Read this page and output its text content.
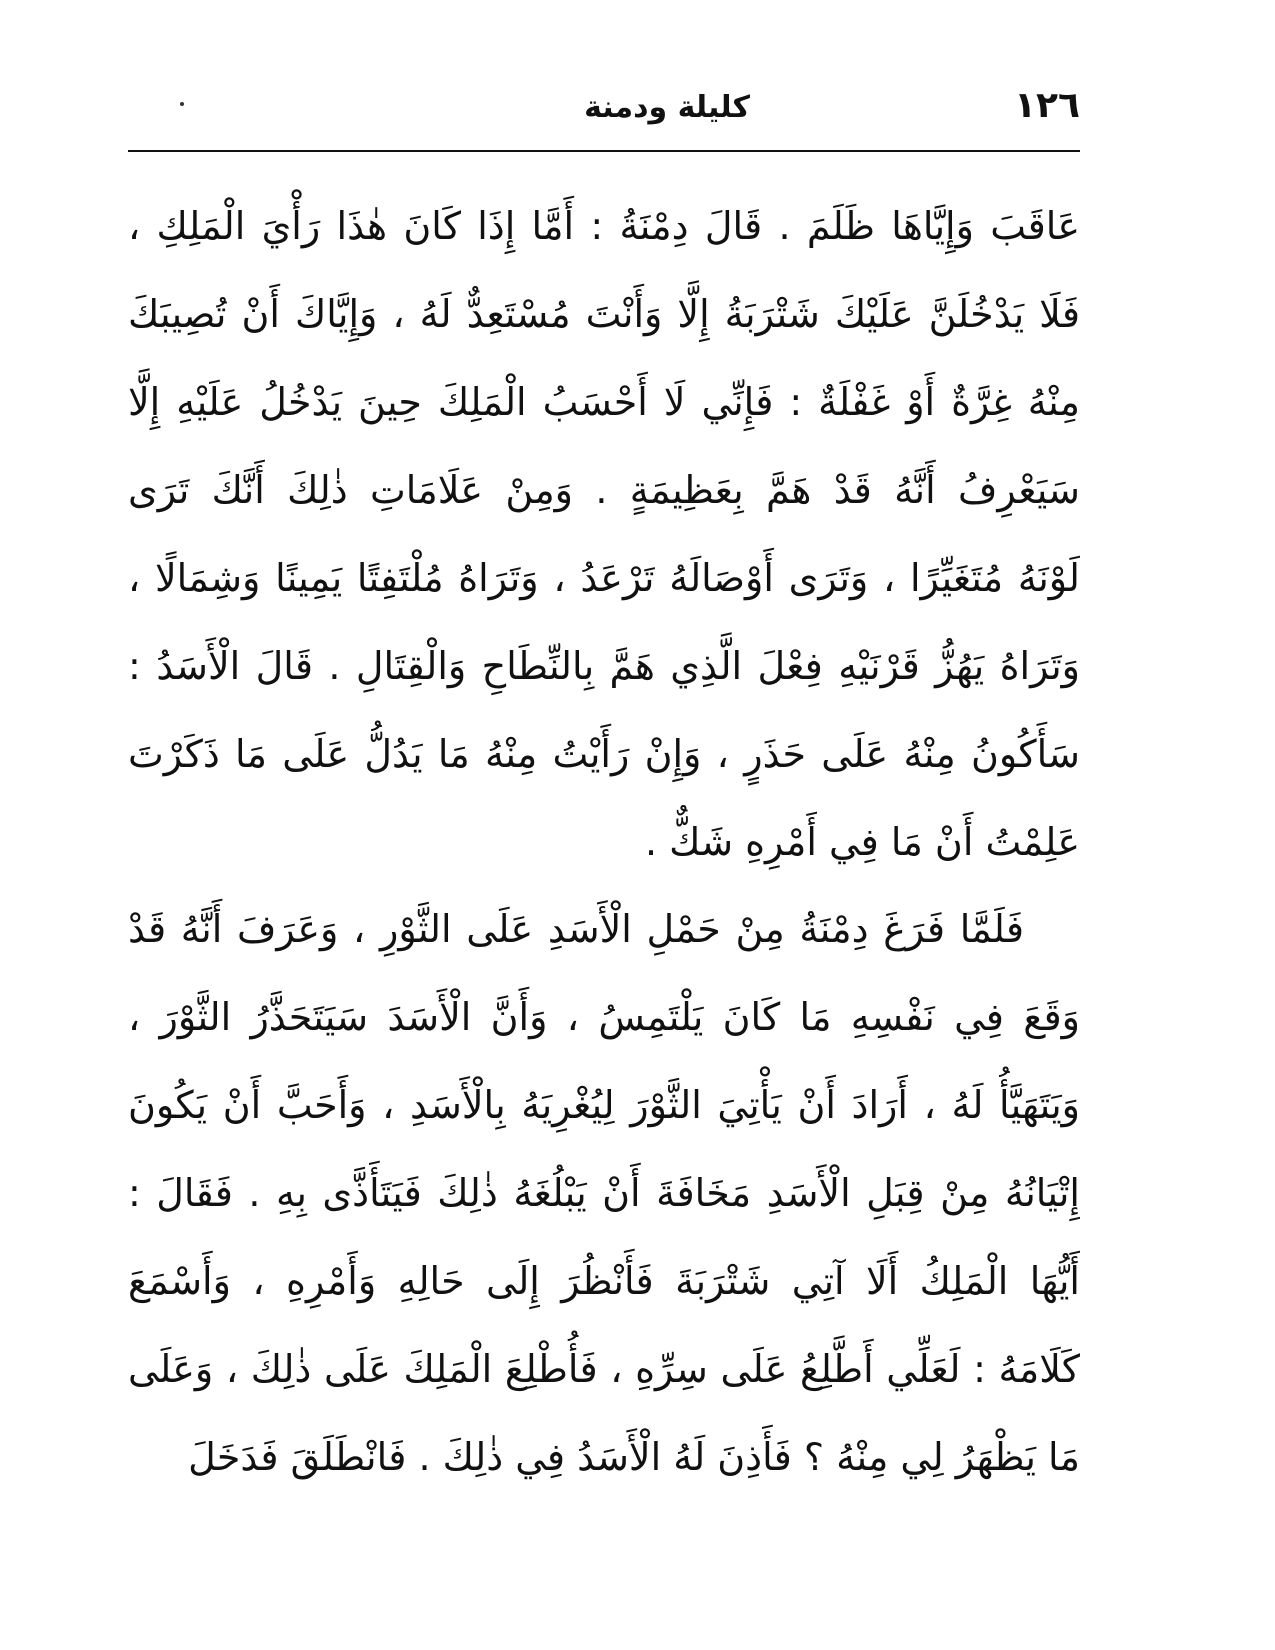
١٢٦
كليلة ودمنة
عَاقَبَ وَإِيَّاهَا ظَلَمَ . قَالَ دِمْنَةُ : أَمَّا إِذَا كَانَ هٰذَا رَأْيَ الْمَلِكِ ،
فَلَا يَدْخُلَنَّ عَلَيْكَ شَتْرَبَةُ إِلَّا وَأَنْتَ مُسْتَعِدٌّ لَهُ ، وَإِيَّاكَ أَنْ تُصِيبَكَ
مِنْهُ غِرَّةٌ أَوْ غَفْلَةٌ : فَإِنِّي لَا أَحْسَبُ الْمَلِكَ حِينَ يَدْخُلُ عَلَيْهِ إِلَّا
سَيَعْرِفُ أَنَّهُ قَدْ هَمَّ بِعَظِيمَةٍ . وَمِنْ عَلَامَاتِ ذٰلِكَ أَنَّكَ تَرَى
لَوْنَهُ مُتَغَيِّرًا ، وَتَرَى أَوْصَالَهُ تَرْعَدُ ، وَتَرَاهُ مُلْتَفِتًا يَمِينًا وَشِمَالًا ،
وَتَرَاهُ يَهُزُّ قَرْنَيْهِ فِعْلَ الَّذِي هَمَّ بِالنِّطَاحِ وَالْقِتَالِ . قَالَ الْأَسَدُ :
سَأَكُونُ مِنْهُ عَلَى حَذَرٍ ، وَإِنْ رَأَيْتُ مِنْهُ مَا يَدُلُّ عَلَى مَا ذَكَرْتَ
عَلِمْتُ أَنْ مَا فِي أَمْرِهِ شَكٌّ .
فَلَمَّا فَرَغَ دِمْنَةُ مِنْ حَمْلِ الْأَسَدِ عَلَى الثَّوْرِ ، وَعَرَفَ أَنَّهُ قَدْ
وَقَعَ فِي نَفْسِهِ مَا كَانَ يَلْتَمِسُ ، وَأَنَّ الْأَسَدَ سَيَتَحَذَّرُ الثَّوْرَ ،
وَيَتَهَيَّأُ لَهُ ، أَرَادَ أَنْ يَأْتِيَ الثَّوْرَ لِيُغْرِيَهُ بِالْأَسَدِ ، وَأَحَبَّ أَنْ يَكُونَ
إِتْيَانُهُ مِنْ قِبَلِ الْأَسَدِ مَخَافَةَ أَنْ يَبْلُغَهُ ذٰلِكَ فَيَتَأَذَّى بِهِ . فَقَالَ :
أَيُّهَا الْمَلِكُ أَلَا آتِي شَتْرَبَةَ فَأَنْظُرَ إِلَى حَالِهِ وَأَمْرِهِ ، وَأَسْمَعَ
كَلَامَهُ : لَعَلِّي أَطَّلِعُ عَلَى سِرِّهِ ، فَأُطْلِعَ الْمَلِكَ عَلَى ذٰلِكَ ، وَعَلَى
مَا يَظْهَرُ لِي مِنْهُ ؟ فَأَذِنَ لَهُ الْأَسَدُ فِي ذٰلِكَ . فَانْطَلَقَ فَدَخَلَ
